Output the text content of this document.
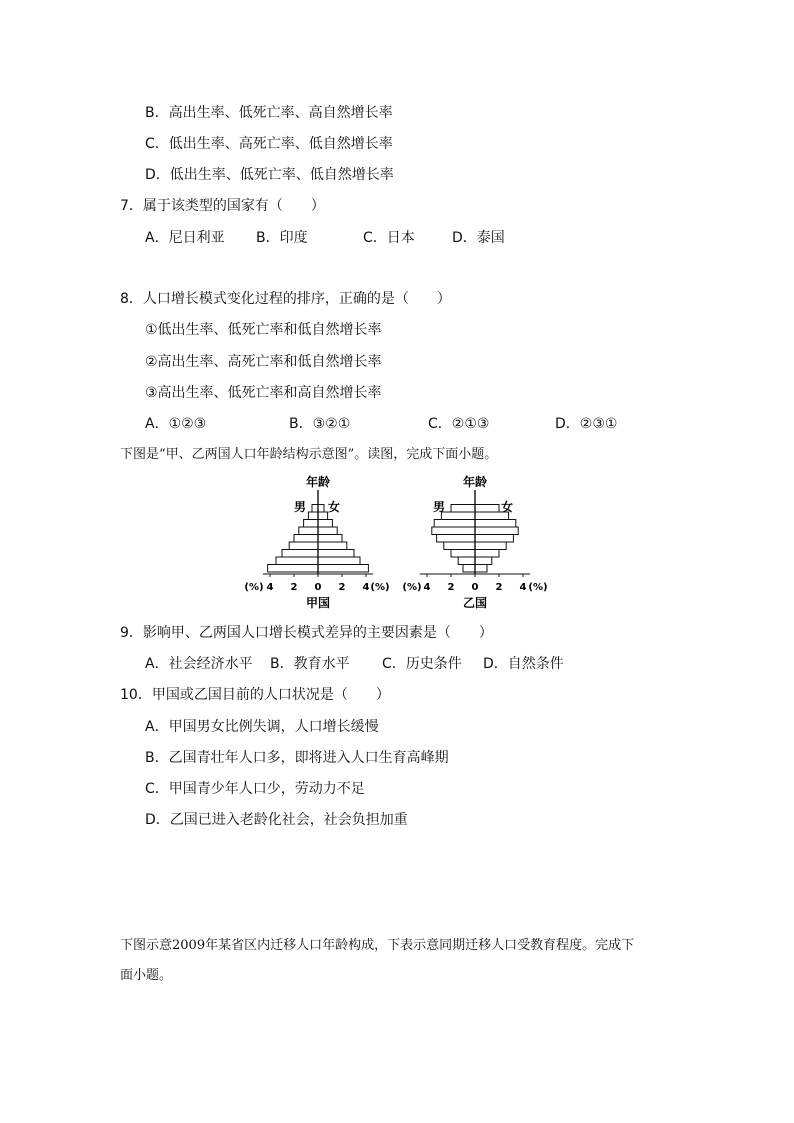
B．高出生率、低死亡率、高自然增长率
C．低出生率、高死亡率、低自然增长率
D．低出生率、低死亡率、低自然增长率
7．属于该类型的国家有（　　）
A．尼日利亚 B．印度	C．日本	D．泰国
8．人口增长模式变化过程的排序，正确的是（　　）
①低出生率、低死亡率和低自然增长率
②高出生率、高死亡率和低自然增长率
③高出生率、低死亡率和高自然增长率
A．①②③	B．③②①	C．②①③	D．②③①
下图是“甲、乙两国人口年龄结构示意图”。读图，完成下面小题。
4 2 0 2 4	4 2 0 2 4
年龄
男 女
(%)	(%)
甲国
年龄
男	女
(%)	(%)
乙国
9．影响甲、乙两国人口增长模式差异的主要因素是（　　）
A．社会经济水平 B．教育水平 C．历史条件 D．自然条件
10．甲国或乙国目前的人口状况是（　　）
A．甲国男女比例失调，人口增长缓慢
B．乙国青壮年人口多，即将进入人口生育高峰期
C．甲国青少年人口少，劳动力不足
D．乙国已进入老龄化社会，社会负担加重
下图示意2009年某省区内迁移人口年龄构成，下表示意同期迁移人口受教育程度。完成下
面小题。
